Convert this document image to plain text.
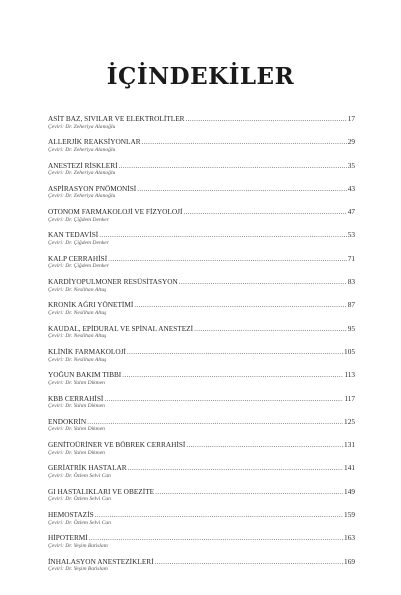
İÇİNDEKİLER
ASİT BAZ, SIVILAR VE ELEKTROLİTLER .....	17
Çeviri: Dr. Zeheriya Alanoğlu
ALLERJİK REAKSİYONLAR .....	29
Çeviri: Dr. Zeheriya Alanoğlu
ANESTEZİ RİSKLERİ .....	35
Çeviri: Dr. Zeheriya Alanoğlu
ASPİRASYON PNÖMONİSİ .....	43
Çeviri: Dr. Zeheriya Alanoğlu
OTONOM FARMAKOLOJİ VE FİZYOLOJİ .....	47
Çeviri: Dr. Çiğdem Denker
KAN TEDAVİSİ .....	53
Çeviri: Dr. Çiğdem Denker
KALP CERRAHİSİ .....	71
Çeviri: Dr. Çiğdem Denker
KARDİYOPULMONER RESÜSİTASYON .....	83
Çeviri: Dr. Neslihan Altuş
KRONİK AĞRI YÖNETİMİ .....	87
Çeviri: Dr. Neslihan Altuş
KAUDAL, EPİDURAL VE SPİNAL ANESTEZİ .....	95
Çeviri: Dr. Neslihan Altuş
KLİNİK FARMAKOLOJİ .....	105
Çeviri: Dr. Neslihan Altuş
YOĞUN BAKIM TIBBI .....	113
Çeviri: Dr. Yalım Dikmen
KBB CERRAHİSİ .....	117
Çeviri: Dr. Yalım Dikmen
ENDOKRİN .....	125
Çeviri: Dr. Yalım Dikmen
GENİTOÜRİNER VE BÖBREK CERRAHİSİ .....	131
Çeviri: Dr. Yalım Dikmen
GERİATRİK HASTALAR .....	141
Çeviri: Dr. Özlem Selvi Can
GI HASTALIKLARI VE OBEZİTE .....	149
Çeviri: Dr. Özlem Selvi Can
HEMOSTAZİS .....	159
Çeviri: Dr. Özlem Selvi Can
HİPOTERMİ .....	163
Çeviri: Dr. Yeşim Batislam
İNHALASYON ANESTEZİKLERİ .....	169
Çeviri: Dr. Yeşim Batislam
